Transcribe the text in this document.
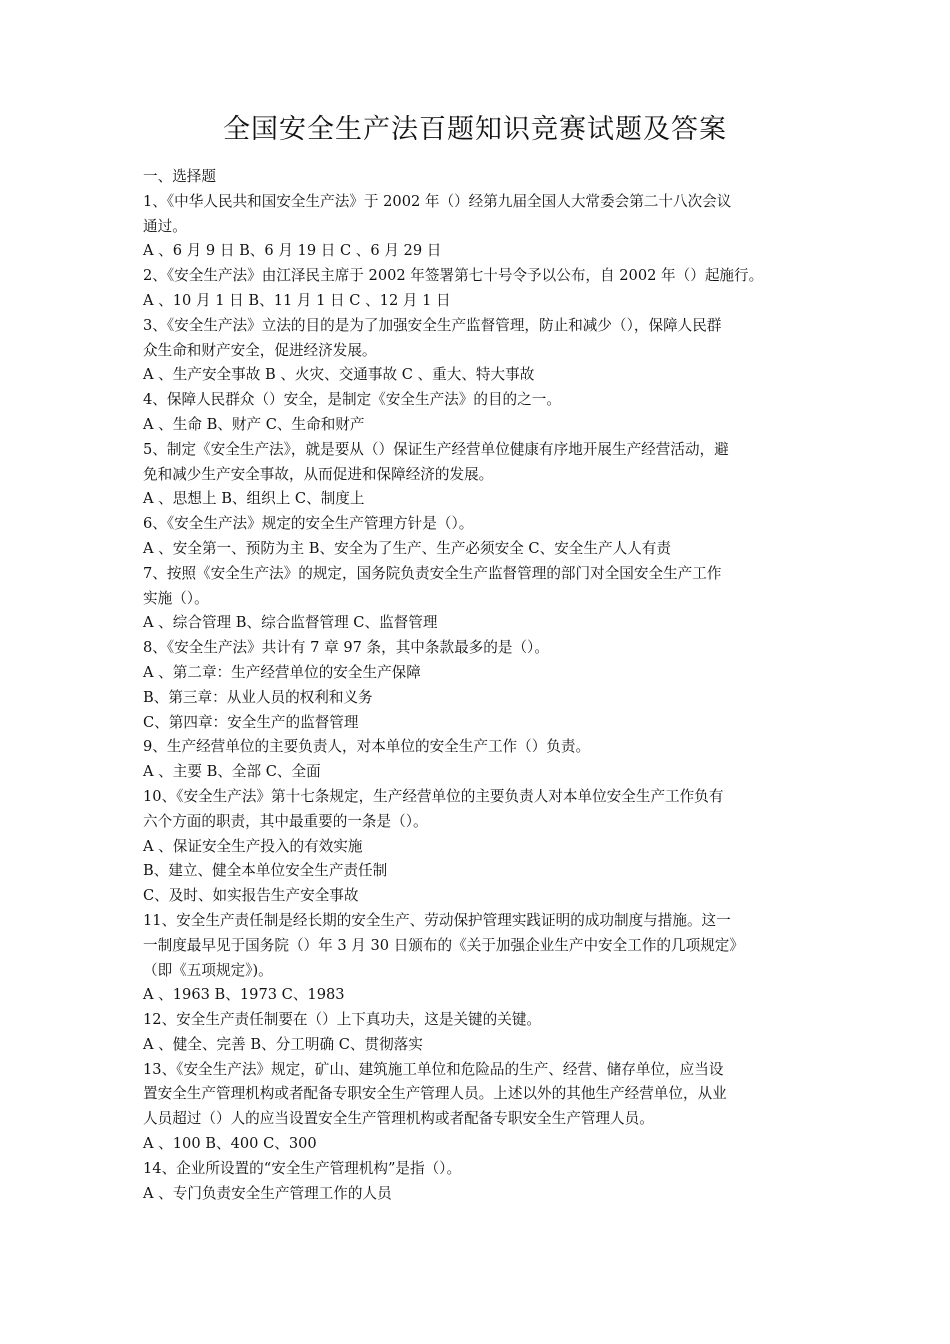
全国安全生产法百题知识竞赛试题及答案
一、选择题
1、《中华人民共和国安全生产法》于 2002 年（）经第九届全国人大常委会第二十八次会议
通过。
A 、6 月 9 日 B、6 月 19 日 C 、6 月 29 日
2、《安全生产法》由江泽民主席于 2002 年签署第七十号令予以公布，自 2002 年（）起施行。
A 、10 月 1 日 B、11 月 1 日 C 、12 月 1 日
3、《安全生产法》立法的目的是为了加强安全生产监督管理，防止和减少（），保障人民群
众生命和财产安全，促进经济发展。
A 、生产安全事故 B 、火灾、交通事故 C 、重大、特大事故
4、保障人民群众（）安全，是制定《安全生产法》的目的之一。
A 、生命 B、财产 C、生命和财产
5、制定《安全生产法》，就是要从（）保证生产经营单位健康有序地开展生产经营活动，避
免和减少生产安全事故，从而促进和保障经济的发展。
A 、思想上 B、组织上 C、制度上
6、《安全生产法》规定的安全生产管理方针是（）。
A 、安全第一、预防为主 B、安全为了生产、生产必须安全 C、安全生产人人有责
7、按照《安全生产法》的规定，国务院负责安全生产监督管理的部门对全国安全生产工作
实施（）。
A 、综合管理 B、综合监督管理 C、监督管理
8、《安全生产法》共计有 7 章 97 条，其中条款最多的是（）。
A 、第二章：生产经营单位的安全生产保障
B、第三章：从业人员的权利和义务
C、第四章：安全生产的监督管理
9、生产经营单位的主要负责人，对本单位的安全生产工作（）负责。
A 、主要 B、全部 C、全面
10、《安全生产法》第十七条规定，生产经营单位的主要负责人对本单位安全生产工作负有
六个方面的职责，其中最重要的一条是（）。
A 、保证安全生产投入的有效实施
B、建立、健全本单位安全生产责任制
C、及时、如实报告生产安全事故
11、安全生产责任制是经长期的安全生产、劳动保护管理实践证明的成功制度与措施。这一
一制度最早见于国务院（）年 3 月 30 日颁布的《关于加强企业生产中安全工作的几项规定》
（即《五项规定》)。
A 、1963 B、1973 C、1983
12、安全生产责任制要在（）上下真功夫，这是关键的关键。
A 、健全、完善 B、分工明确 C、贯彻落实
13、《安全生产法》规定，矿山、建筑施工单位和危险品的生产、经营、储存单位，应当设
置安全生产管理机构或者配备专职安全生产管理人员。上述以外的其他生产经营单位，从业
人员超过（）人的应当设置安全生产管理机构或者配备专职安全生产管理人员。
A 、100 B、400 C、300
14、企业所设置的“安全生产管理机构”是指（）。
A 、专门负责安全生产管理工作的人员
